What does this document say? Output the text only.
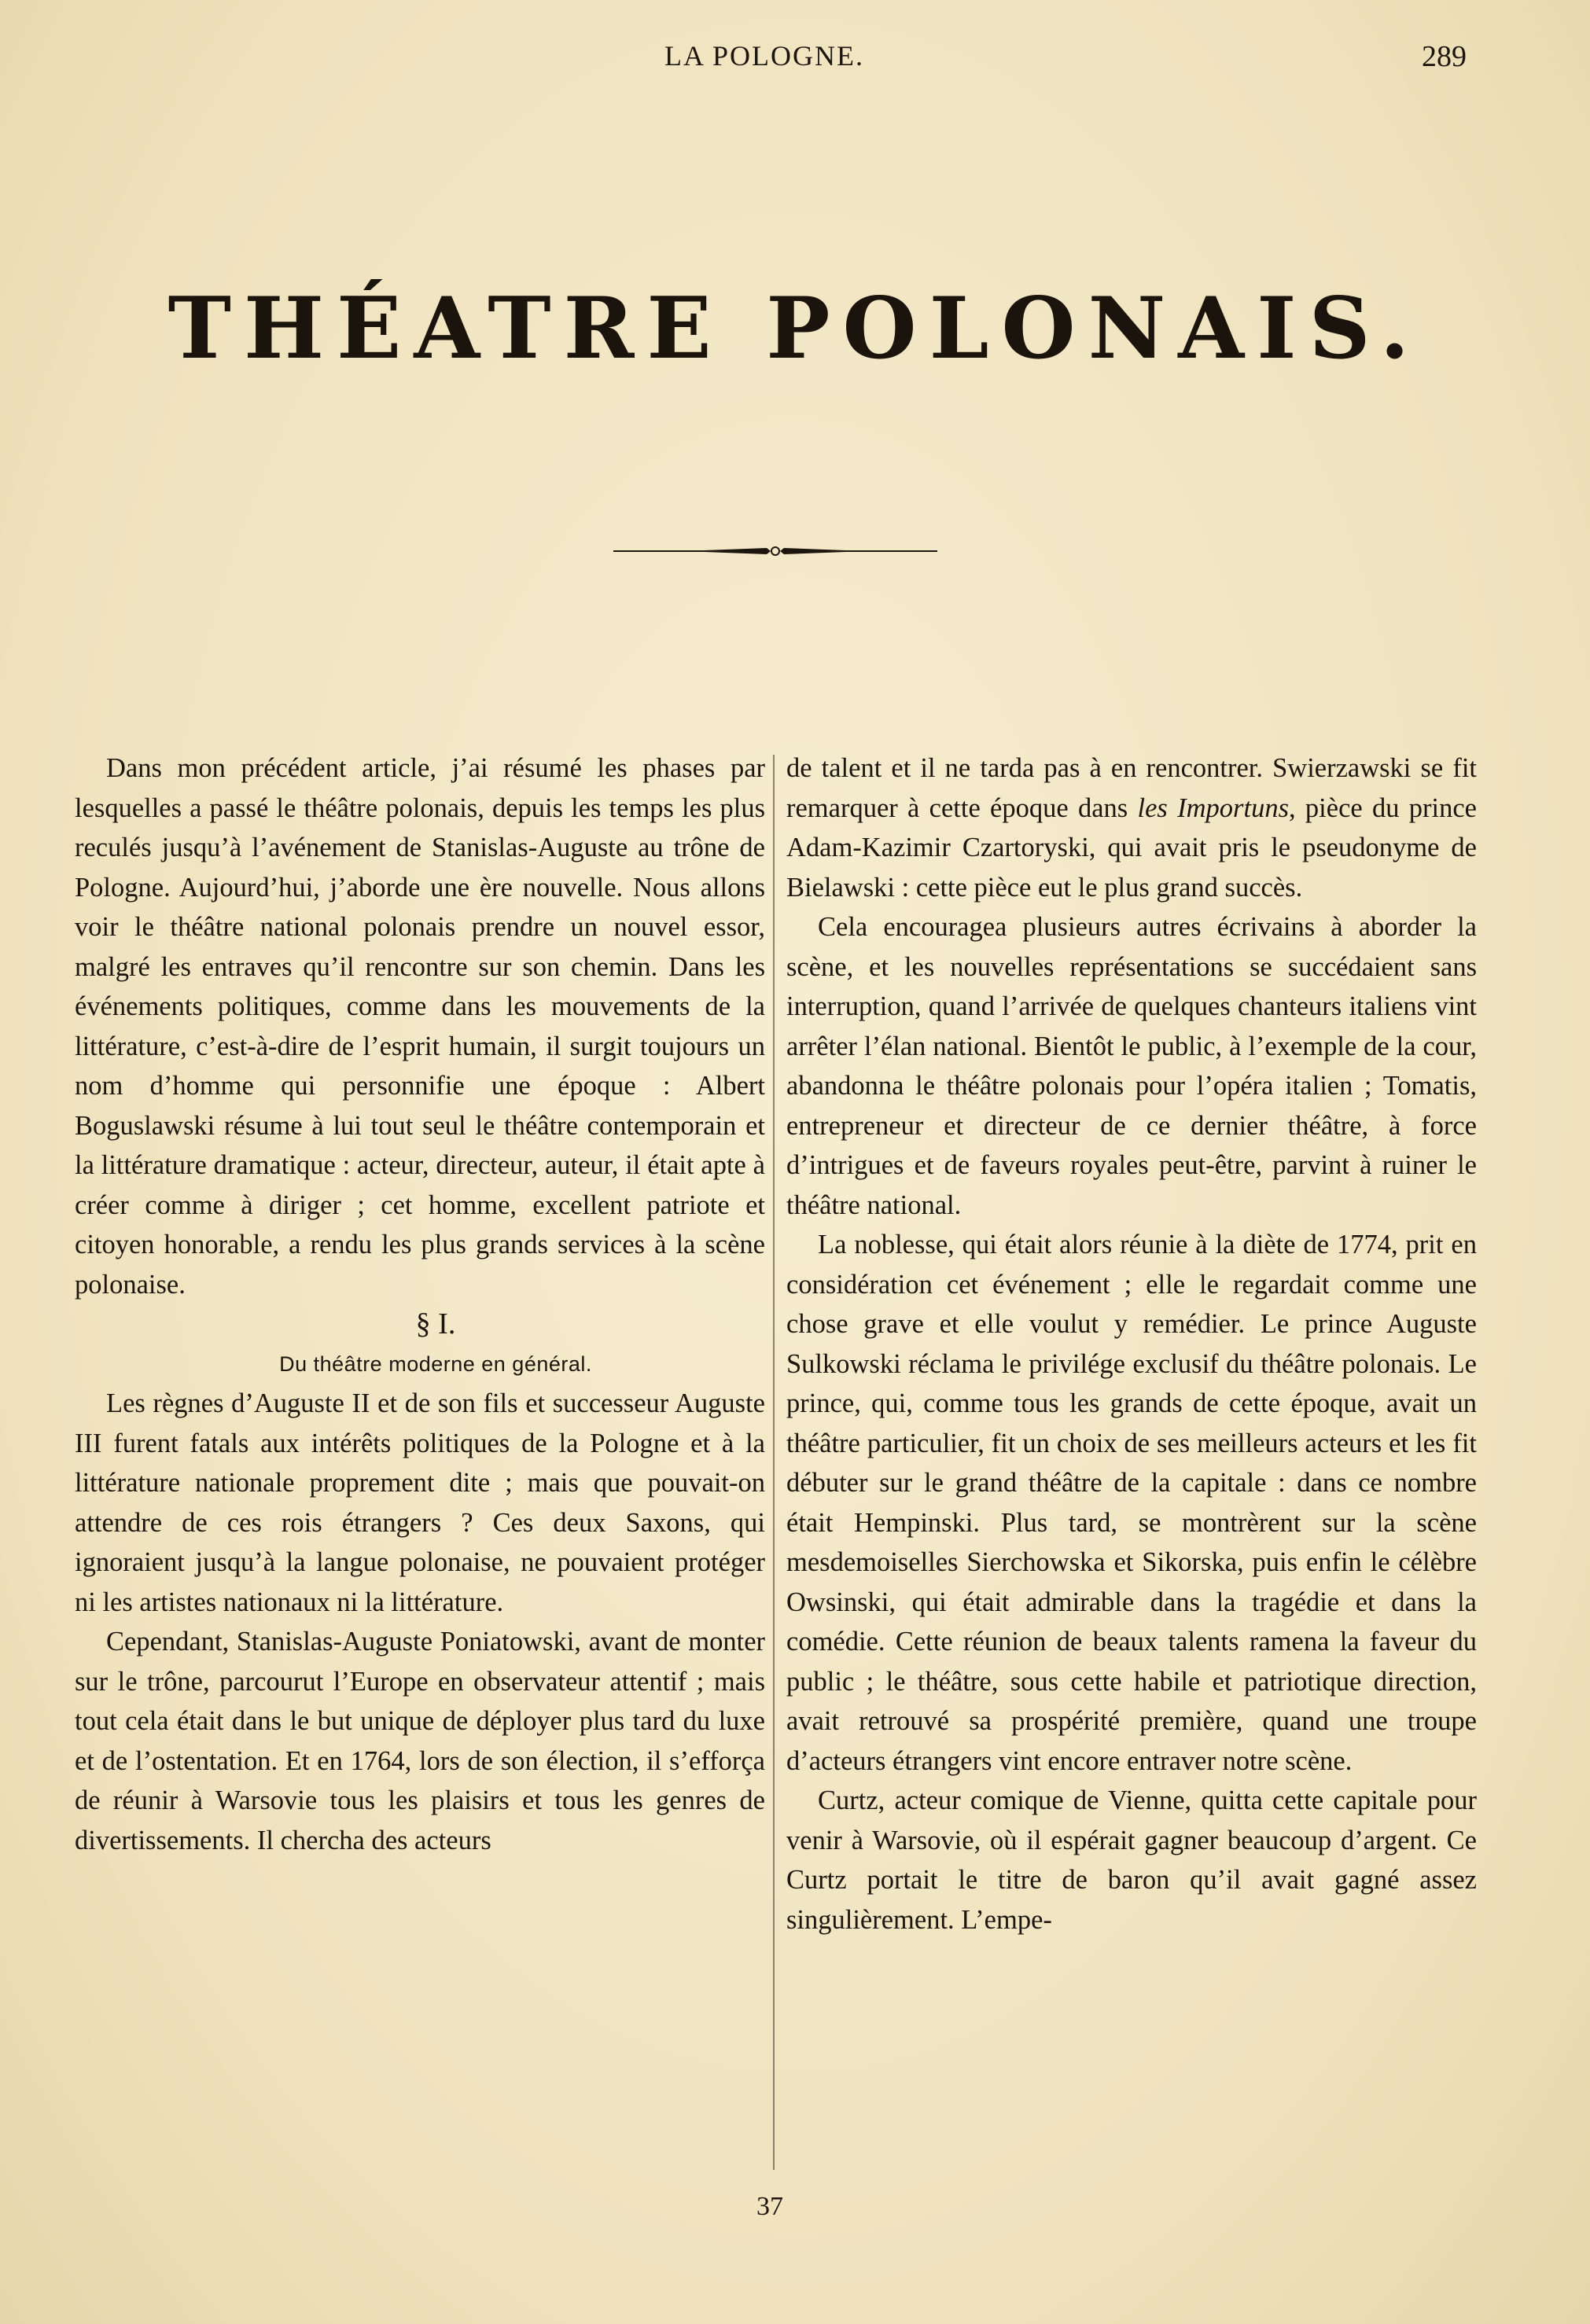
LA POLOGNE.	289
THÉATRE POLONAIS.

Dans mon précédent article, j’ai résumé les phases par lesquelles a passé le théâtre polonais, depuis les temps les plus reculés jusqu’à l’avénement de Stanislas-Auguste au trône de Pologne. Aujourd’hui, j’aborde une ère nouvelle. Nous allons voir le théâtre national polonais prendre un nouvel essor, malgré les entraves qu’il rencontre sur son chemin. Dans les événements politiques, comme dans les mouvements de la littérature, c’est-à-dire de l’esprit humain, il surgit toujours un nom d’homme qui personnifie une époque : Albert Boguslawski résume à lui tout seul le théâtre contemporain et la littérature dramatique : acteur, directeur, auteur, il était apte à créer comme à diriger ; cet homme, excellent patriote et citoyen honorable, a rendu les plus grands services à la scène polonaise.

§ I.

Du théâtre moderne en général.

Les règnes d’Auguste II et de son fils et successeur Auguste III furent fatals aux intérêts politiques de la Pologne et à la littérature nationale proprement dite ; mais que pouvait-on attendre de ces rois étrangers ? Ces deux Saxons, qui ignoraient jusqu’à la langue polonaise, ne pouvaient protéger ni les artistes nationaux ni la littérature.

Cependant, Stanislas-Auguste Poniatowski, avant de monter sur le trône, parcourut l’Europe en observateur attentif ; mais tout cela était dans le but unique de déployer plus tard du luxe et de l’ostentation. Et en 1764, lors de son élection, il s’efforça de réunir à Warsovie tous les plaisirs et tous les genres de divertissements. Il chercha des acteurs

de talent et il ne tarda pas à en rencontrer. Swierzawski se fit remarquer à cette époque dans les Importuns, pièce du prince Adam-Kazimir Czartoryski, qui avait pris le pseudonyme de Bielawski : cette pièce eut le plus grand succès.

Cela encouragea plusieurs autres écrivains à aborder la scène, et les nouvelles représentations se succédaient sans interruption, quand l’arrivée de quelques chanteurs italiens vint arrêter l’élan national. Bientôt le public, à l’exemple de la cour, abandonna le théâtre polonais pour l’opéra italien ; Tomatis, entrepreneur et directeur de ce dernier théâtre, à force d’intrigues et de faveurs royales peut-être, parvint à ruiner le théâtre national.

La noblesse, qui était alors réunie à la diète de 1774, prit en considération cet événement ; elle le regardait comme une chose grave et elle voulut y remédier. Le prince Auguste Sulkowski réclama le privilége exclusif du théâtre polonais. Le prince, qui, comme tous les grands de cette époque, avait un théâtre particulier, fit un choix de ses meilleurs acteurs et les fit débuter sur le grand théâtre de la capitale : dans ce nombre était Hempinski. Plus tard, se montrèrent sur la scène mesdemoiselles Sierchowska et Sikorska, puis enfin le célèbre Owsinski, qui était admirable dans la tragédie et dans la comédie. Cette réunion de beaux talents ramena la faveur du public ; le théâtre, sous cette habile et patriotique direction, avait retrouvé sa prospérité première, quand une troupe d’acteurs étrangers vint encore entraver notre scène.

Curtz, acteur comique de Vienne, quitta cette capitale pour venir à Warsovie, où il espérait gagner beaucoup d’argent. Ce Curtz portait le titre de baron qu’il avait gagné assez singulièrement. L’empe-

37
